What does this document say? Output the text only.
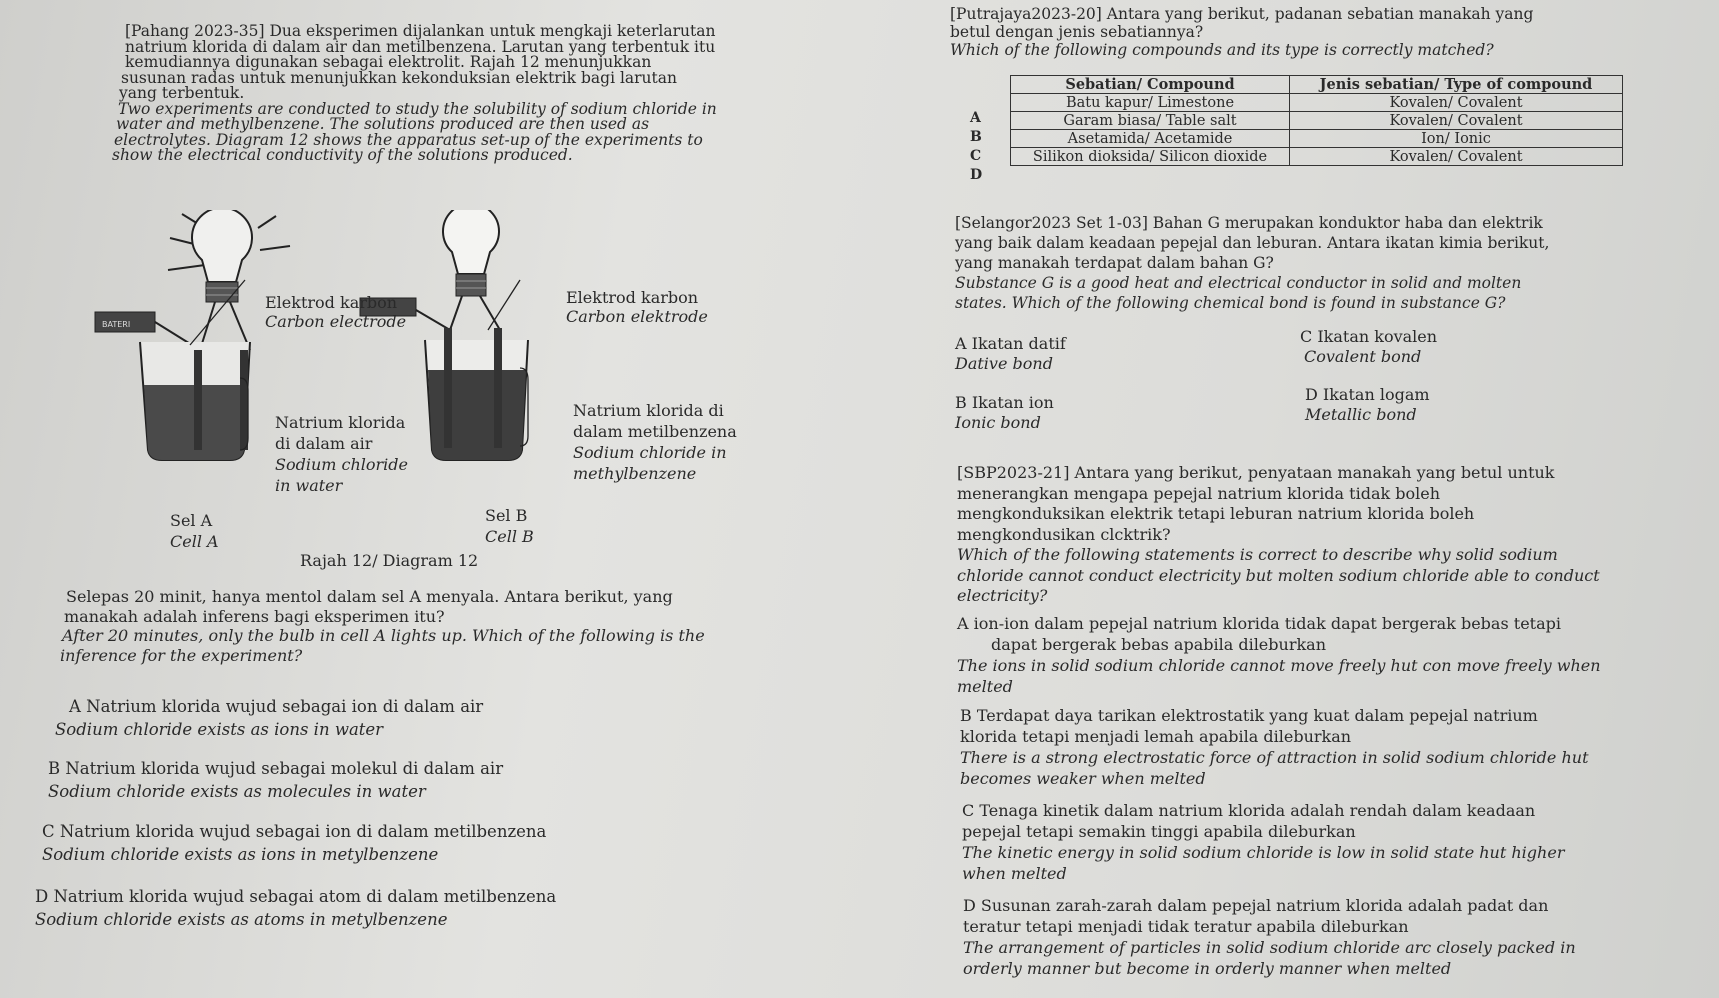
[Pahang 2023-35] Dua eksperimen dijalankan untuk mengkaji keterlarutan
natrium klorida di dalam air dan metilbenzena. Larutan yang terbentuk itu
kemudiannya digunakan sebagai elektrolit. Rajah 12 menunjukkan
susunan radas untuk menunjukkan kekonduksian elektrik bagi larutan
yang terbentuk.
Two experiments are conducted to study the solubility of sodium chloride in
water and methylbenzene. The solutions produced are then used as
electrolytes. Diagram 12 shows the apparatus set-up of the experiments to
show the electrical conductivity of the solutions produced.
BATERI
Elektrod karbon
Carbon electrode
Elektrod karbon
Carbon elektrode
Natrium klorida
di dalam air
Sodium chloride
in water
Natrium klorida di
dalam metilbenzena
Sodium chloride in
methylbenzene
Sel A
Cell A
Sel B
Cell B
Rajah 12/ Diagram 12
Selepas 20 minit, hanya mentol dalam sel A menyala. Antara berikut, yang
manakah adalah inferens bagi eksperimen itu?
After 20 minutes, only the bulb in cell A lights up. Which of the following is the
inference for the experiment?
A Natrium klorida wujud sebagai ion di dalam air
Sodium chloride exists as ions in water
B Natrium klorida wujud sebagai molekul di dalam air
Sodium chloride exists as molecules in water
C Natrium klorida wujud sebagai ion di dalam metilbenzena
Sodium chloride exists as ions in metylbenzene
D Natrium klorida wujud sebagai atom di dalam metilbenzena
Sodium chloride exists as atoms in metylbenzene
[Putrajaya2023-20] Antara yang berikut, padanan sebatian manakah yang
betul dengan jenis sebatiannya?
Which of the following compounds and its type is correctly matched?
Sebatian/ Compound	Jenis sebatian/ Type of compound
Batu kapur/ Limestone	Kovalen/ Covalent
Garam biasa/ Table salt	Kovalen/ Covalent
Asetamida/ Acetamide	Ion/ Ionic
Silikon dioksida/ Silicon dioxide	Kovalen/ Covalent
A
B
C
D
[Selangor2023 Set 1-03] Bahan G merupakan konduktor haba dan elektrik
yang baik dalam keadaan pepejal dan leburan. Antara ikatan kimia berikut,
yang manakah terdapat dalam bahan G?
Substance G is a good heat and electrical conductor in solid and molten
states. Which of the following chemical bond is found in substance G?
A Ikatan datif
Dative bond
C Ikatan kovalen
Covalent bond
B Ikatan ion
Ionic bond
D Ikatan logam
Metallic bond
[SBP2023-21] Antara yang berikut, penyataan manakah yang betul untuk
menerangkan mengapa pepejal natrium klorida tidak boleh
mengkonduksikan elektrik tetapi leburan natrium klorida boleh
mengkondusikan clcktrik?
Which of the following statements is correct to describe why solid sodium
chloride cannot conduct electricity but molten sodium chloride able to conduct
electricity?
A ion-ion dalam pepejal natrium klorida tidak dapat bergerak bebas tetapi
dapat bergerak bebas apabila dileburkan
The ions in solid sodium chloride cannot move freely hut con move freely when
melted
B Terdapat daya tarikan elektrostatik yang kuat dalam pepejal natrium
klorida tetapi menjadi lemah apabila dileburkan
There is a strong electrostatic force of attraction in solid sodium chloride hut
becomes weaker when melted
C Tenaga kinetik dalam natrium klorida adalah rendah dalam keadaan
pepejal tetapi semakin tinggi apabila dileburkan
The kinetic energy in solid sodium chloride is low in solid state hut higher
when melted
D Susunan zarah-zarah dalam pepejal natrium klorida adalah padat dan
teratur tetapi menjadi tidak teratur apabila dileburkan
The arrangement of particles in solid sodium chloride arc closely packed in
orderly manner but become in orderly manner when melted
